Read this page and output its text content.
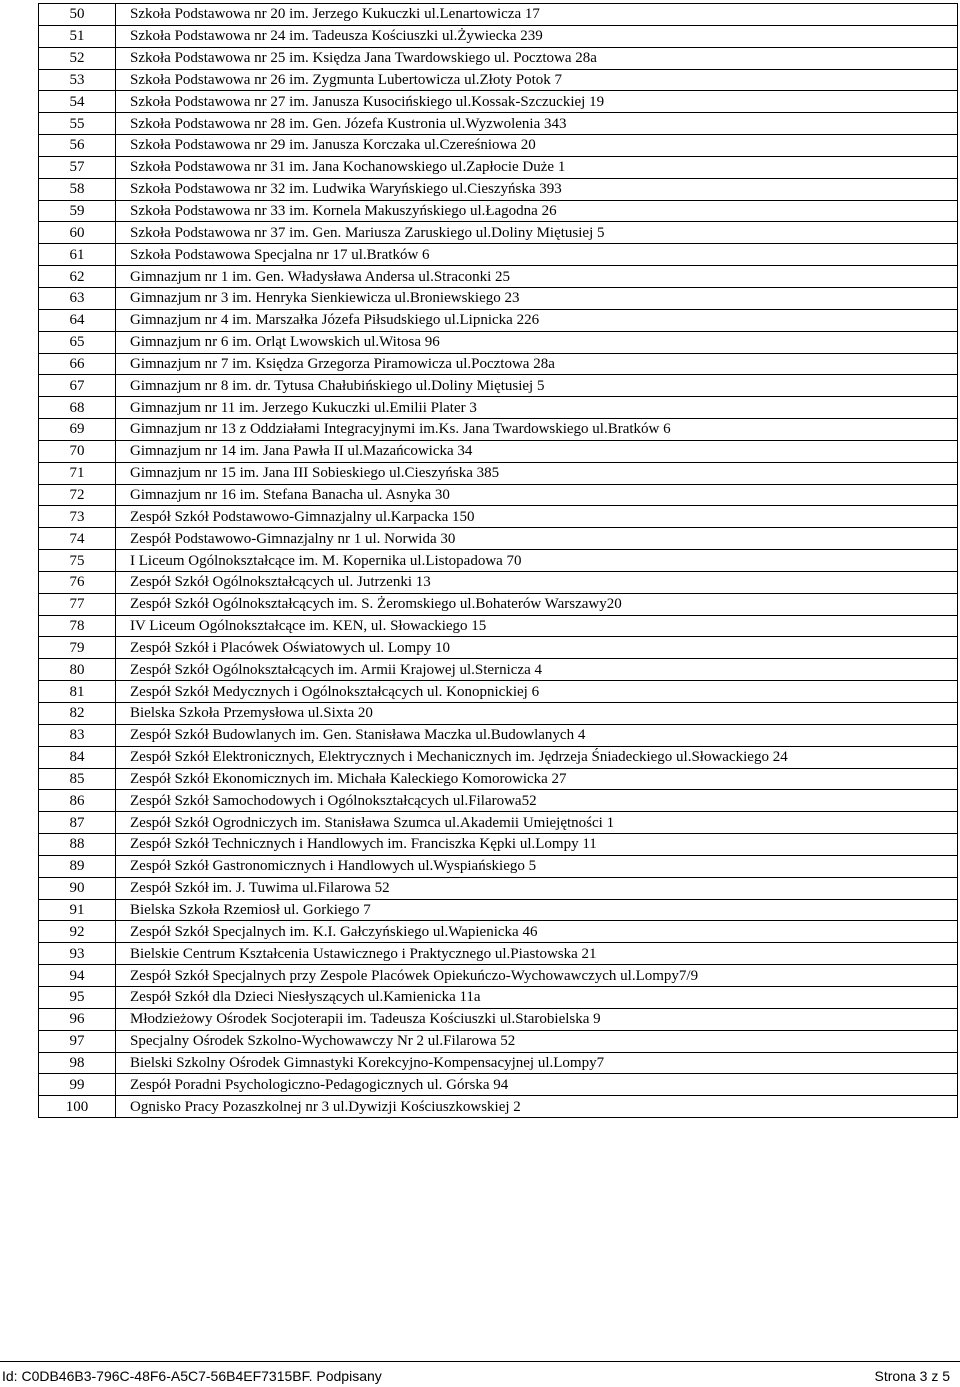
50	Szkoła Podstawowa nr 20 im. Jerzego Kukuczki ul.Lenartowicza 17
51	Szkoła Podstawowa nr 24 im. Tadeusza Kościuszki ul.Żywiecka 239
52	Szkoła Podstawowa nr 25 im. Księdza Jana Twardowskiego ul. Pocztowa 28a
53	Szkoła Podstawowa nr 26 im. Zygmunta Lubertowicza ul.Złoty Potok 7
54	Szkoła Podstawowa nr 27 im. Janusza Kusocińskiego ul.Kossak-Szczuckiej 19
55	Szkoła Podstawowa nr 28 im. Gen. Józefa Kustronia ul.Wyzwolenia 343
56	Szkoła Podstawowa nr 29 im. Janusza Korczaka ul.Czereśniowa 20
57	Szkoła Podstawowa nr 31 im. Jana Kochanowskiego ul.Zapłocie Duże 1
58	Szkoła Podstawowa nr 32 im. Ludwika Waryńskiego ul.Cieszyńska 393
59	Szkoła Podstawowa nr 33 im. Kornela Makuszyńskiego ul.Łagodna 26
60	Szkoła Podstawowa nr 37 im. Gen. Mariusza Zaruskiego ul.Doliny Miętusiej 5
61	Szkoła Podstawowa Specjalna nr 17 ul.Bratków 6
62	Gimnazjum nr 1 im. Gen. Władysława Andersa ul.Straconki 25
63	Gimnazjum nr 3 im. Henryka Sienkiewicza ul.Broniewskiego 23
64	Gimnazjum nr 4 im. Marszałka Józefa Piłsudskiego ul.Lipnicka 226
65	Gimnazjum nr 6 im. Orląt Lwowskich ul.Witosa 96
66	Gimnazjum nr 7 im. Księdza Grzegorza Piramowicza ul.Pocztowa 28a
67	Gimnazjum nr 8 im. dr. Tytusa Chałubińskiego ul.Doliny Miętusiej 5
68	Gimnazjum nr 11 im. Jerzego Kukuczki ul.Emilii Plater 3
69	Gimnazjum nr 13 z Oddziałami Integracyjnymi im.Ks. Jana Twardowskiego ul.Bratków 6
70	Gimnazjum nr 14 im. Jana Pawła II ul.Mazańcowicka 34
71	Gimnazjum nr 15 im. Jana III Sobieskiego ul.Cieszyńska 385
72	Gimnazjum nr 16 im. Stefana Banacha ul. Asnyka 30
73	Zespół Szkół Podstawowo-Gimnazjalny ul.Karpacka 150
74	Zespół Podstawowo-Gimnazjalny nr 1 ul. Norwida 30
75	I Liceum Ogólnokształcące im. M. Kopernika ul.Listopadowa 70
76	Zespół Szkół Ogólnokształcących ul. Jutrzenki 13
77	Zespół Szkół Ogólnokształcących im. S. Żeromskiego ul.Bohaterów Warszawy20
78	IV Liceum Ogólnokształcące im. KEN, ul. Słowackiego 15
79	Zespół Szkół i Placówek Oświatowych ul. Lompy 10
80	Zespół Szkół Ogólnokształcących im. Armii Krajowej ul.Sternicza 4
81	Zespół Szkół Medycznych i Ogólnokształcących ul. Konopnickiej 6
82	Bielska Szkoła Przemysłowa ul.Sixta 20
83	Zespół Szkół Budowlanych im. Gen. Stanisława Maczka ul.Budowlanych 4
84	Zespół Szkół Elektronicznych, Elektrycznych i Mechanicznych im. Jędrzeja Śniadeckiego ul.Słowackiego 24
85	Zespół Szkół Ekonomicznych im. Michała Kaleckiego Komorowicka 27
86	Zespół Szkół Samochodowych i Ogólnokształcących ul.Filarowa52
87	Zespół Szkół Ogrodniczych im. Stanisława Szumca ul.Akademii Umiejętności 1
88	Zespół Szkół Technicznych i Handlowych im. Franciszka Kępki ul.Lompy 11
89	Zespół Szkół Gastronomicznych i Handlowych ul.Wyspiańskiego 5
90	Zespół Szkół im. J. Tuwima ul.Filarowa 52
91	Bielska Szkoła Rzemiosł ul. Gorkiego 7
92	Zespół Szkół Specjalnych im. K.I. Gałczyńskiego ul.Wapienicka 46
93	Bielskie Centrum Kształcenia Ustawicznego i Praktycznego ul.Piastowska 21
94	Zespół Szkół Specjalnych przy Zespole Placówek Opiekuńczo-Wychowawczych ul.Lompy7/9
95	Zespół Szkół dla Dzieci Niesłyszących ul.Kamienicka 11a
96	Młodzieżowy Ośrodek Socjoterapii im. Tadeusza Kościuszki ul.Starobielska 9
97	Specjalny Ośrodek Szkolno-Wychowawczy Nr 2 ul.Filarowa 52
98	Bielski Szkolny Ośrodek Gimnastyki Korekcyjno-Kompensacyjnej ul.Lompy7
99	Zespół Poradni Psychologiczno-Pedagogicznych ul. Górska 94
100	Ognisko Pracy Pozaszkolnej nr 3 ul.Dywizji Kościuszkowskiej 2
Id: C0DB46B3-796C-48F6-A5C7-56B4EF7315BF. Podpisany	Strona 3 z 5
